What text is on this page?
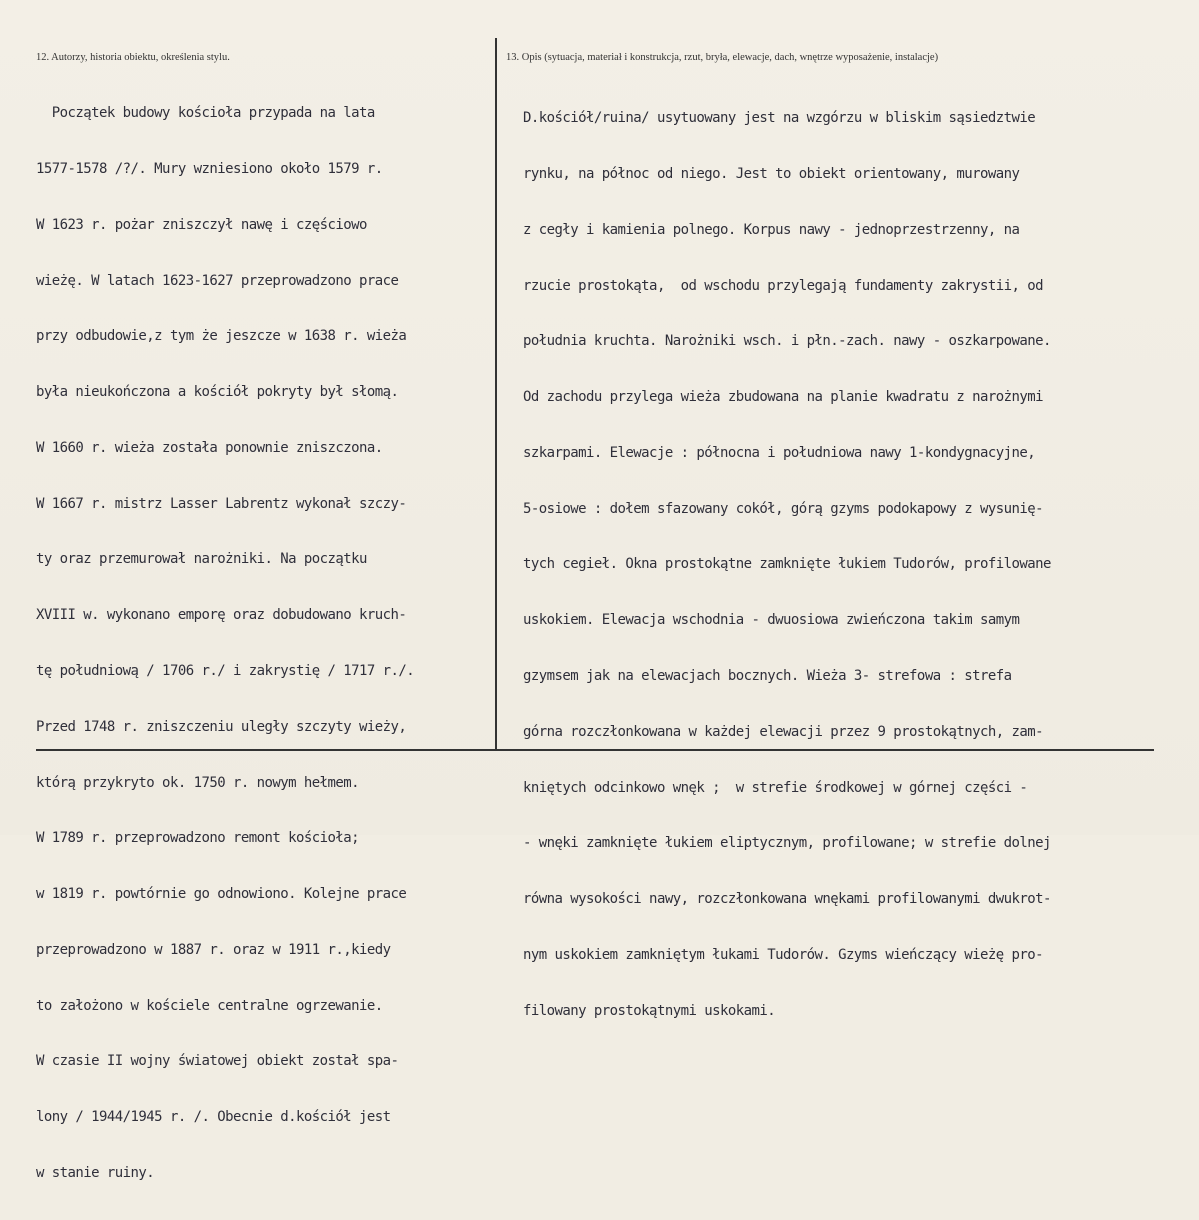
12. Autorzy, historia obiektu, określenia stylu.

Początek budowy kościoła przypada na lata

1577-1578 /?/. Mury wzniesiono około 1579 r.

W 1623 r. pożar zniszczył nawę i częściowo

wieżę. W latach 1623-1627 przeprowadzono prace

przy odbudowie,z tym że jeszcze w 1638 r. wieża

była nieukończona a kościół pokryty był słomą.

W 1660 r. wieża została ponownie zniszczona.

W 1667 r. mistrz Lasser Labrentz wykonał szczy-

ty oraz przemurował narożniki. Na początku

XVIII w. wykonano emporę oraz dobudowano kruch-

tę południową / 1706 r./ i zakrystię / 1717 r./.

Przed 1748 r. zniszczeniu uległy szczyty wieży,

którą przykryto ok. 1750 r. nowym hełmem.

W 1789 r. przeprowadzono remont kościoła;

w 1819 r. powtórnie go odnowiono. Kolejne prace

przeprowadzono w 1887 r. oraz w 1911 r.,kiedy

to założono w kościele centralne ogrzewanie.

W czasie II wojny światowej obiekt został spa-

lony / 1944/1945 r. /. Obecnie d.kościół jest

w stanie ruiny.

13. Opis (sytuacja, materiał i konstrukcja, rzut, bryła, elewacje, dach, wnętrze wyposażenie, instalacje)

D.kościół/ruina/ usytuowany jest na wzgórzu w bliskim sąsiedztwie

rynku, na północ od niego. Jest to obiekt orientowany, murowany

z cegły i kamienia polnego. Korpus nawy - jednoprzestrzenny, na

rzucie prostokąta,  od wschodu przylegają fundamenty zakrystii, od

południa kruchta. Narożniki wsch. i płn.-zach. nawy - oszkarpowane.

Od zachodu przylega wieża zbudowana na planie kwadratu z narożnymi

szkarpami. Elewacje : północna i południowa nawy 1-kondygnacyjne,

5-osiowe : dołem sfazowany cokół, górą gzyms podokapowy z wysunię-

tych cegieł. Okna prostokątne zamknięte łukiem Tudorów, profilowane

uskokiem. Elewacja wschodnia - dwuosiowa zwieńczona takim samym

gzymsem jak na elewacjach bocznych. Wieża 3- strefowa : strefa

górna rozczłonkowana w każdej elewacji przez 9 prostokątnych, zam-

kniętych odcinkowo wnęk ;  w strefie środkowej w górnej części -

- wnęki zamknięte łukiem eliptycznym, profilowane; w strefie dolnej

równa wysokości nawy, rozczłonkowana wnękami profilowanymi dwukrot-

nym uskokiem zamkniętym łukami Tudorów. Gzyms wieńczący wieżę pro-

filowany prostokątnymi uskokami.
